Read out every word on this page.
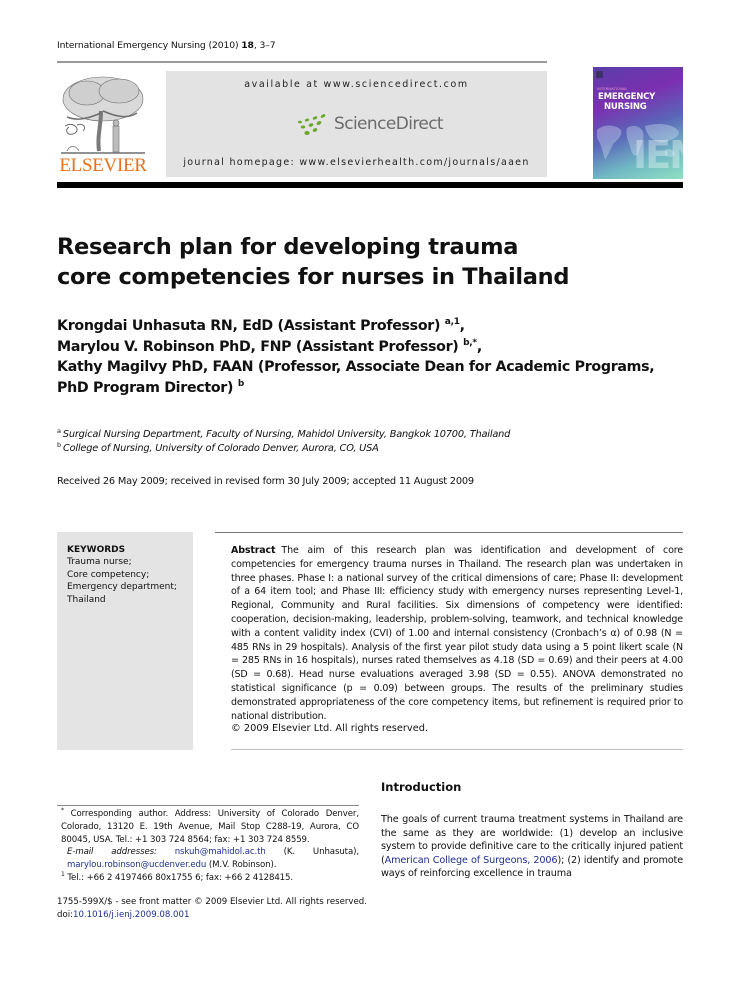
International Emergency Nursing (2010) 18, 3–7
ELSEVIER
available at www.sciencedirect.com
ScienceDirect
journal homepage: www.elsevierhealth.com/journals/aaen
INTERNATIONAL
EMERGENCY
NURSING
IEN
Research plan for developing trauma
core competencies for nurses in Thailand
Krongdai Unhasuta RN, EdD (Assistant Professor) $^{a,1}$,
Marylou V. Robinson PhD, FNP (Assistant Professor) $^{b,*}$,
Kathy Magilvy PhD, FAAN (Professor, Associate Dean for Academic Programs,
PhD Program Director) $^b$
$^a$ Surgical Nursing Department, Faculty of Nursing, Mahidol University, Bangkok 10700, Thailand
$^b$ College of Nursing, University of Colorado Denver, Aurora, CO, USA
Received 26 May 2009; received in revised form 30 July 2009; accepted 11 August 2009
KEYWORDS
Trauma nurse;
Core competency;
Emergency department;
Thailand
Abstract The aim of this research plan was identification and development of core competencies for emergency trauma nurses in Thailand. The research plan was undertaken in three phases. Phase I: a national survey of the critical dimensions of care; Phase II: development of a 64 item tool; and Phase III: efficiency study with emergency nurses representing Level-1, Regional, Community and Rural facilities. Six dimensions of competency were identified: cooperation, decision-making, leadership, problem-solving, teamwork, and technical knowledge with a content validity index (CVI) of 1.00 and internal consistency (Cronbach’s α) of 0.98 (N = 485 RNs in 29 hospitals). Analysis of the first year pilot study data using a 5 point likert scale (N = 285 RNs in 16 hospitals), nurses rated themselves as 4.18 (SD = 0.69) and their peers at 4.00 (SD = 0.68). Head nurse evaluations averaged 3.98 (SD = 0.55). ANOVA demonstrated no statistical significance (p = 0.09) between groups. The results of the preliminary studies demonstrated appropriateness of the core competency items, but refinement is required prior to national distribution.
© 2009 Elsevier Ltd. All rights reserved.
Introduction
The goals of current trauma treatment systems in Thailand are the same as they are worldwide: (1) develop an inclusive system to provide definitive care to the critically injured patient (American College of Surgeons, 2006); (2) identify and promote ways of reinforcing excellence in trauma
* Corresponding author. Address: University of Colorado Denver, Colorado, 13120 E. 19th Avenue, Mail Stop C288-19, Aurora, CO 80045, USA. Tel.: +1 303 724 8564; fax: +1 303 724 8559.
E-mail addresses: nskuh@mahidol.ac.th (K. Unhasuta), marylou.robinson@ucdenver.edu (M.V. Robinson).
$^1$ Tel.: +66 2 4197466 80x1755 6; fax: +66 2 4128415.
1755-599X/$ - see front matter © 2009 Elsevier Ltd. All rights reserved.
doi:10.1016/j.ienj.2009.08.001
